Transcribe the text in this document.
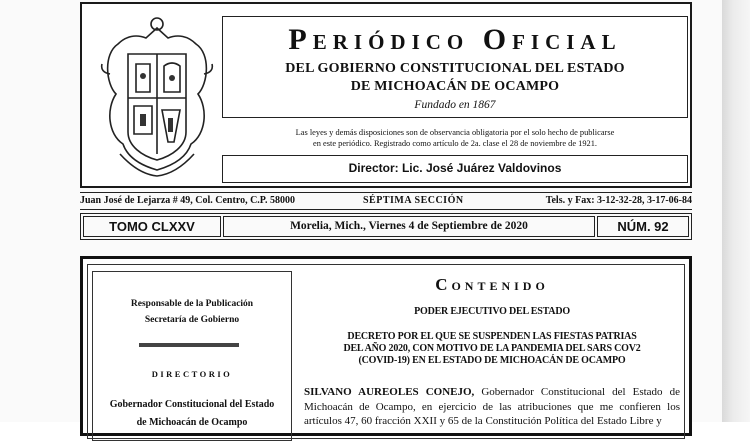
Periódico Oficial
DEL GOBIERNO CONSTITUCIONAL DEL ESTADO
DE MICHOACÁN DE OCAMPO
Fundado en 1867
Las leyes y demás disposiciones son de observancia obligatoria por el solo hecho de publicarse
en este periódico. Registrado como artículo de 2a. clase el 28 de noviembre de 1921.
Director: Lic. José Juárez Valdovinos
Juan José de Lejarza # 49, Col. Centro, C.P. 58000	SÉPTIMA SECCIÓN	Tels. y Fax: 3-12-32-28, 3-17-06-84
TOMO CLXXV	Morelia, Mich., Viernes 4 de Septiembre de 2020	NÚM. 92
Responsable de la Publicación
Secretaría de Gobierno
DIRECTORIO
Gobernador Constitucional del Estado
de Michoacán de Ocampo

Contenido
PODER EJECUTIVO DEL ESTADO
DECRETO POR EL QUE SE SUSPENDEN LAS FIESTAS PATRIAS
DEL AÑO 2020, CON MOTIVO DE LA PANDEMIA DEL SARS COV2
(COVID-19) EN EL ESTADO DE MICHOACÁN DE OCAMPO
SILVANO AUREOLES CONEJO, Gobernador Constitucional del Estado de Michoacán de Ocampo, en ejercicio de las atribuciones que me confieren los artículos 47, 60 fracción XXII y 65 de la Constitución Política del Estado Libre y
